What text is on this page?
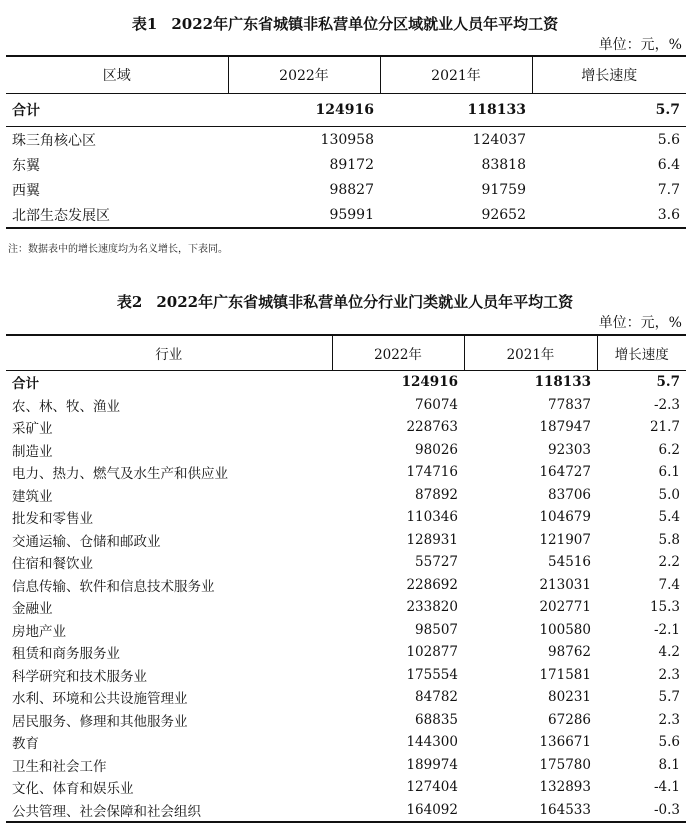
表1 2022年广东省城镇非私营单位分区域就业人员年平均工资
单位：元，%
区域	2022年	2021年	增长速度
合计	124916	118133	5.7
珠三角核心区	130958	124037	5.6
东翼	89172	83818	6.4
西翼	98827	91759	7.7
北部生态发展区	95991	92652	3.6
注：数据表中的增长速度均为名义增长，下表同。
表2 2022年广东省城镇非私营单位分行业门类就业人员年平均工资
单位：元，%
行业	2022年	2021年	增长速度
合计	124916	118133	5.7
农、林、牧、渔业	76074	77837	-2.3
采矿业	228763	187947	21.7
制造业	98026	92303	6.2
电力、热力、燃气及水生产和供应业	174716	164727	6.1
建筑业	87892	83706	5.0
批发和零售业	110346	104679	5.4
交通运输、仓储和邮政业	128931	121907	5.8
住宿和餐饮业	55727	54516	2.2
信息传输、软件和信息技术服务业	228692	213031	7.4
金融业	233820	202771	15.3
房地产业	98507	100580	-2.1
租赁和商务服务业	102877	98762	4.2
科学研究和技术服务业	175554	171581	2.3
水利、环境和公共设施管理业	84782	80231	5.7
居民服务、修理和其他服务业	68835	67286	2.3
教育	144300	136671	5.6
卫生和社会工作	189974	175780	8.1
文化、体育和娱乐业	127404	132893	-4.1
公共管理、社会保障和社会组织	164092	164533	-0.3
